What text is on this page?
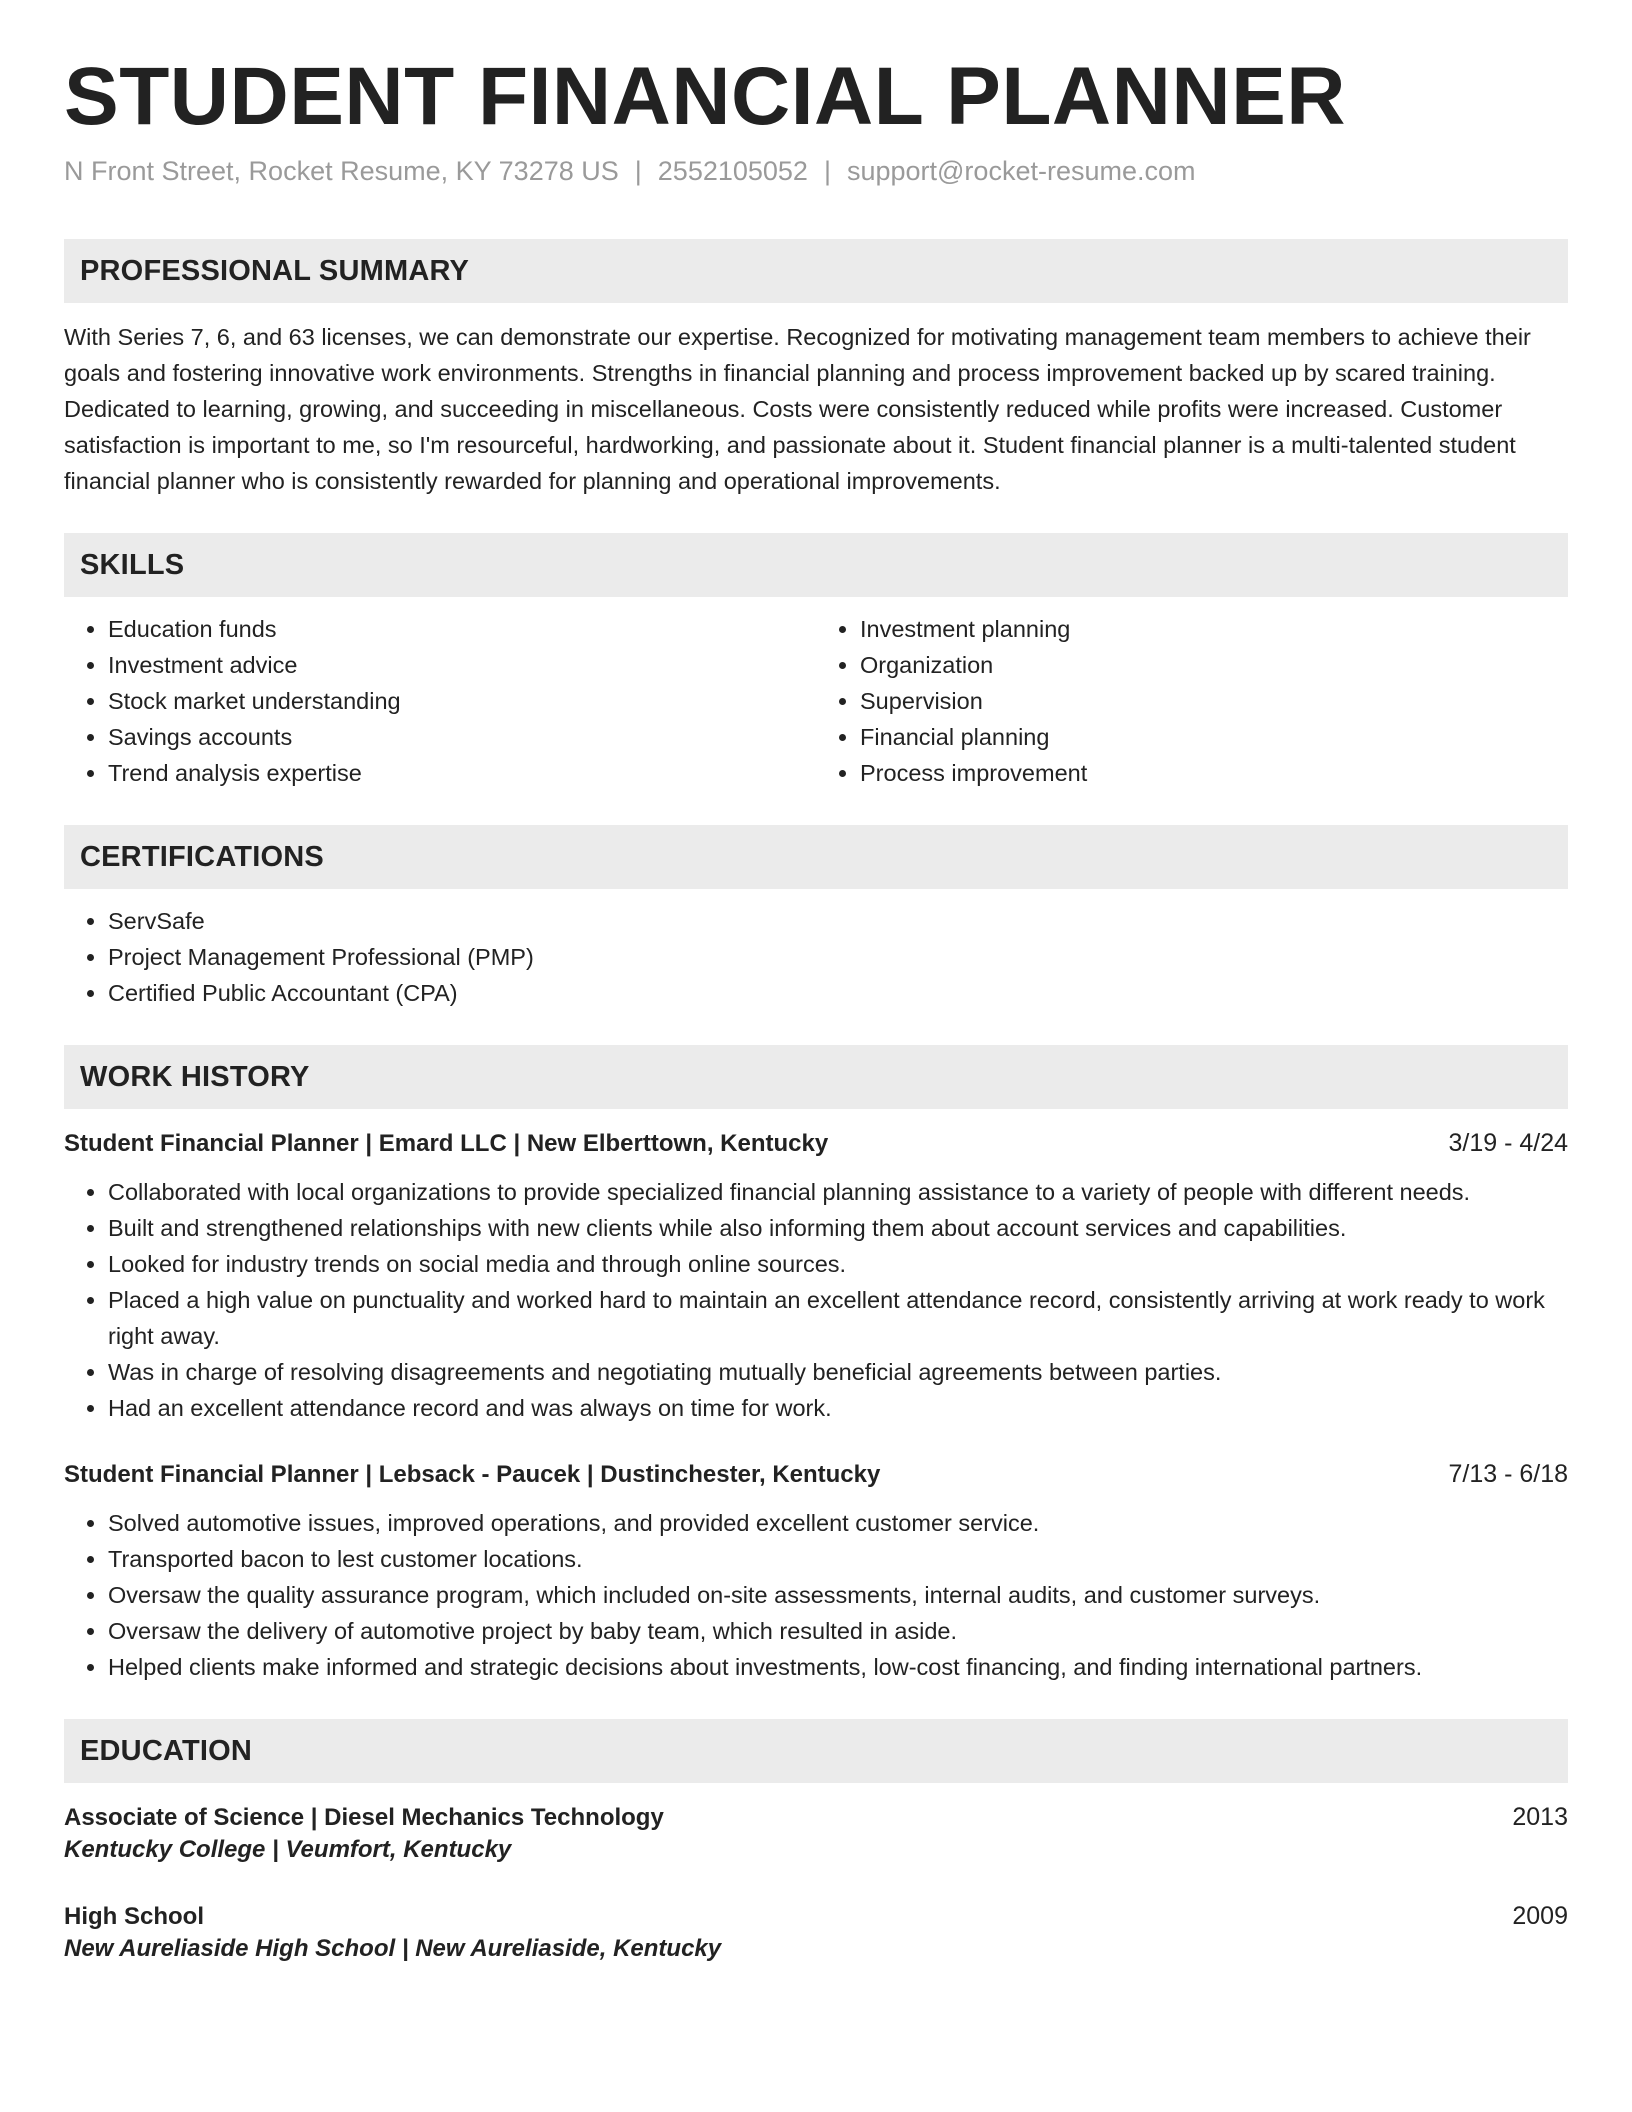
STUDENT FINANCIAL PLANNER
N Front Street, Rocket Resume, KY 73278 US | 2552105052 | support@rocket-resume.com
PROFESSIONAL SUMMARY

With Series 7, 6, and 63 licenses, we can demonstrate our expertise. Recognized for motivating management team members to achieve their goals and fostering innovative work environments. Strengths in financial planning and process improvement backed up by scared training. Dedicated to learning, growing, and succeeding in miscellaneous. Costs were consistently reduced while profits were increased. Customer satisfaction is important to me, so I'm resourceful, hardworking, and passionate about it. Student financial planner is a multi-talented student financial planner who is consistently rewarded for planning and operational improvements.

SKILLS
• Education funds
• Investment advice
• Stock market understanding
• Savings accounts
• Trend analysis expertise
• Investment planning
• Organization
• Supervision
• Financial planning
• Process improvement
CERTIFICATIONS
• ServSafe
• Project Management Professional (PMP)
• Certified Public Accountant (CPA)
WORK HISTORY
Student Financial Planner | Emard LLC | New Elberttown, Kentucky	3/19 - 4/24
• Collaborated with local organizations to provide specialized financial planning assistance to a variety of people with different needs.
• Built and strengthened relationships with new clients while also informing them about account services and capabilities.
• Looked for industry trends on social media and through online sources.
• Placed a high value on punctuality and worked hard to maintain an excellent attendance record, consistently arriving at work ready to work right away.
• Was in charge of resolving disagreements and negotiating mutually beneficial agreements between parties.
• Had an excellent attendance record and was always on time for work.
Student Financial Planner | Lebsack - Paucek | Dustinchester, Kentucky	7/13 - 6/18
• Solved automotive issues, improved operations, and provided excellent customer service.
• Transported bacon to lest customer locations.
• Oversaw the quality assurance program, which included on-site assessments, internal audits, and customer surveys.
• Oversaw the delivery of automotive project by baby team, which resulted in aside.
• Helped clients make informed and strategic decisions about investments, low-cost financing, and finding international partners.
EDUCATION
Associate of Science | Diesel Mechanics Technology	2013
Kentucky College | Veumfort, Kentucky
High School	2009
New Aureliaside High School | New Aureliaside, Kentucky
